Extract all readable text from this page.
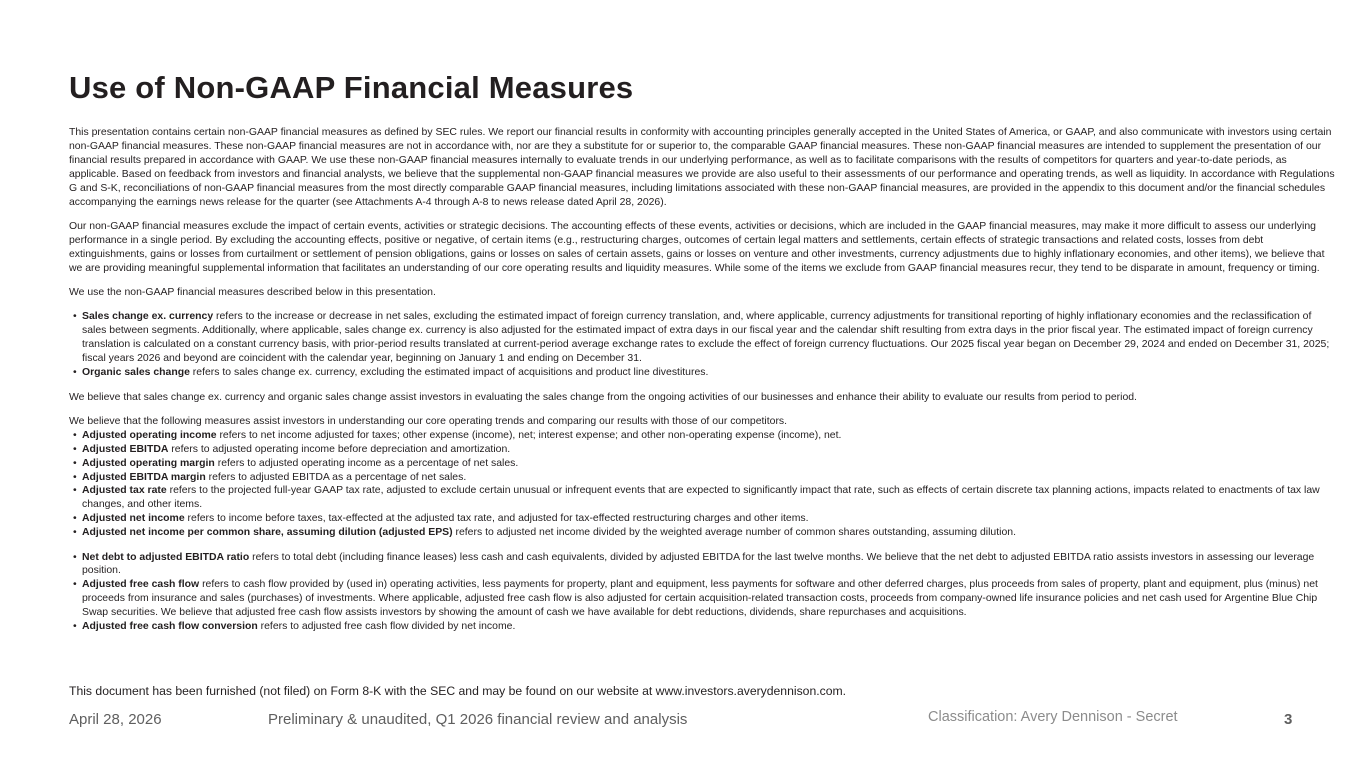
Use of Non-GAAP Financial Measures

This presentation contains certain non-GAAP financial measures as defined by SEC rules. We report our financial results in conformity with accounting principles generally accepted in the United States of America, or GAAP, and also communicate with investors using certain non-GAAP financial measures. These non-GAAP financial measures are not in accordance with, nor are they a substitute for or superior to, the comparable GAAP financial measures. These non-GAAP financial measures are intended to supplement the presentation of our financial results prepared in accordance with GAAP. We use these non-GAAP financial measures internally to evaluate trends in our underlying performance, as well as to facilitate comparisons with the results of competitors for quarters and year-to-date periods, as applicable. Based on feedback from investors and financial analysts, we believe that the supplemental non-GAAP financial measures we provide are also useful to their assessments of our performance and operating trends, as well as liquidity. In accordance with Regulations G and S-K, reconciliations of non-GAAP financial measures from the most directly comparable GAAP financial measures, including limitations associated with these non-GAAP financial measures, are provided in the appendix to this document and/or the financial schedules accompanying the earnings news release for the quarter (see Attachments A-4 through A-8 to news release dated April 28, 2026).

Our non-GAAP financial measures exclude the impact of certain events, activities or strategic decisions. The accounting effects of these events, activities or decisions, which are included in the GAAP financial measures, may make it more difficult to assess our underlying performance in a single period. By excluding the accounting effects, positive or negative, of certain items (e.g., restructuring charges, outcomes of certain legal matters and settlements, certain effects of strategic transactions and related costs, losses from debt extinguishments, gains or losses from curtailment or settlement of pension obligations, gains or losses on sales of certain assets, gains or losses on venture and other investments, currency adjustments due to highly inflationary economies, and other items), we believe that we are providing meaningful supplemental information that facilitates an understanding of our core operating results and liquidity measures. While some of the items we exclude from GAAP financial measures recur, they tend to be disparate in amount, frequency or timing.

We use the non-GAAP financial measures described below in this presentation.

• Sales change ex. currency refers to the increase or decrease in net sales, excluding the estimated impact of foreign currency translation, and, where applicable, currency adjustments for transitional reporting of highly inflationary economies and the reclassification of sales between segments. Additionally, where applicable, sales change ex. currency is also adjusted for the estimated impact of extra days in our fiscal year and the calendar shift resulting from extra days in the prior fiscal year. The estimated impact of foreign currency translation is calculated on a constant currency basis, with prior-period results translated at current-period average exchange rates to exclude the effect of foreign currency fluctuations. Our 2025 fiscal year began on December 29, 2024 and ended on December 31, 2025; fiscal years 2026 and beyond are coincident with the calendar year, beginning on January 1 and ending on December 31.

• Organic sales change refers to sales change ex. currency, excluding the estimated impact of acquisitions and product line divestitures.

We believe that sales change ex. currency and organic sales change assist investors in evaluating the sales change from the ongoing activities of our businesses and enhance their ability to evaluate our results from period to period.

We believe that the following measures assist investors in understanding our core operating trends and comparing our results with those of our competitors.

• Adjusted operating income refers to net income adjusted for taxes; other expense (income), net; interest expense; and other non-operating expense (income), net.

• Adjusted EBITDA refers to adjusted operating income before depreciation and amortization.

• Adjusted operating margin refers to adjusted operating income as a percentage of net sales.

• Adjusted EBITDA margin refers to adjusted EBITDA as a percentage of net sales.

• Adjusted tax rate refers to the projected full-year GAAP tax rate, adjusted to exclude certain unusual or infrequent events that are expected to significantly impact that rate, such as effects of certain discrete tax planning actions, impacts related to enactments of tax law changes, and other items.

• Adjusted net income refers to income before taxes, tax-effected at the adjusted tax rate, and adjusted for tax-effected restructuring charges and other items.

• Adjusted net income per common share, assuming dilution (adjusted EPS) refers to adjusted net income divided by the weighted average number of common shares outstanding, assuming dilution.

• Net debt to adjusted EBITDA ratio refers to total debt (including finance leases) less cash and cash equivalents, divided by adjusted EBITDA for the last twelve months. We believe that the net debt to adjusted EBITDA ratio assists investors in assessing our leverage position.

• Adjusted free cash flow refers to cash flow provided by (used in) operating activities, less payments for property, plant and equipment, less payments for software and other deferred charges, plus proceeds from sales of property, plant and equipment, plus (minus) net proceeds from insurance and sales (purchases) of investments. Where applicable, adjusted free cash flow is also adjusted for certain acquisition-related transaction costs, proceeds from company-owned life insurance policies and net cash used for Argentine Blue Chip Swap securities. We believe that adjusted free cash flow assists investors by showing the amount of cash we have available for debt reductions, dividends, share repurchases and acquisitions.

• Adjusted free cash flow conversion refers to adjusted free cash flow divided by net income.

This document has been furnished (not filed) on Form 8-K with the SEC and may be found on our website at www.investors.averydennison.com.

April 28, 2026	Preliminary & unaudited, Q1 2026 financial review and analysis	Classification: Avery Dennison - Secret	3
